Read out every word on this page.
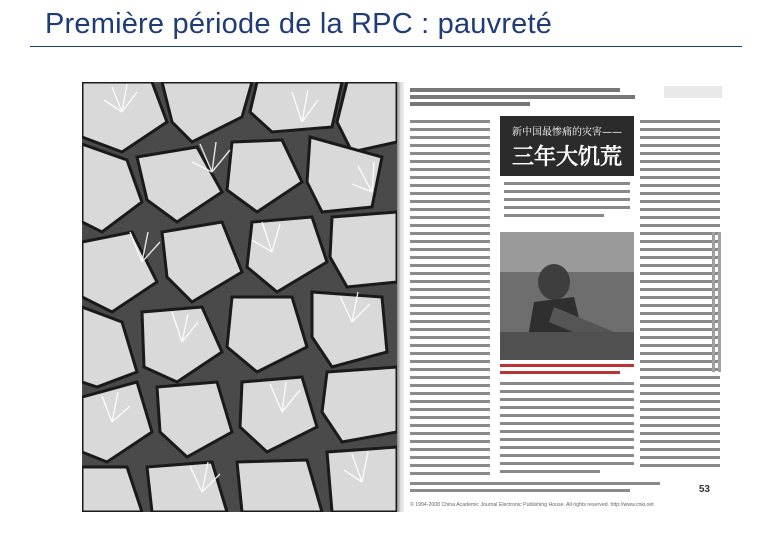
Première période de la RPC : pauvreté
新中国最惨痛的灾害——
三年大饥荒
53
© 1994-2008 China Academic Journal Electronic Publishing House. All rights reserved. http://www.cnki.net
